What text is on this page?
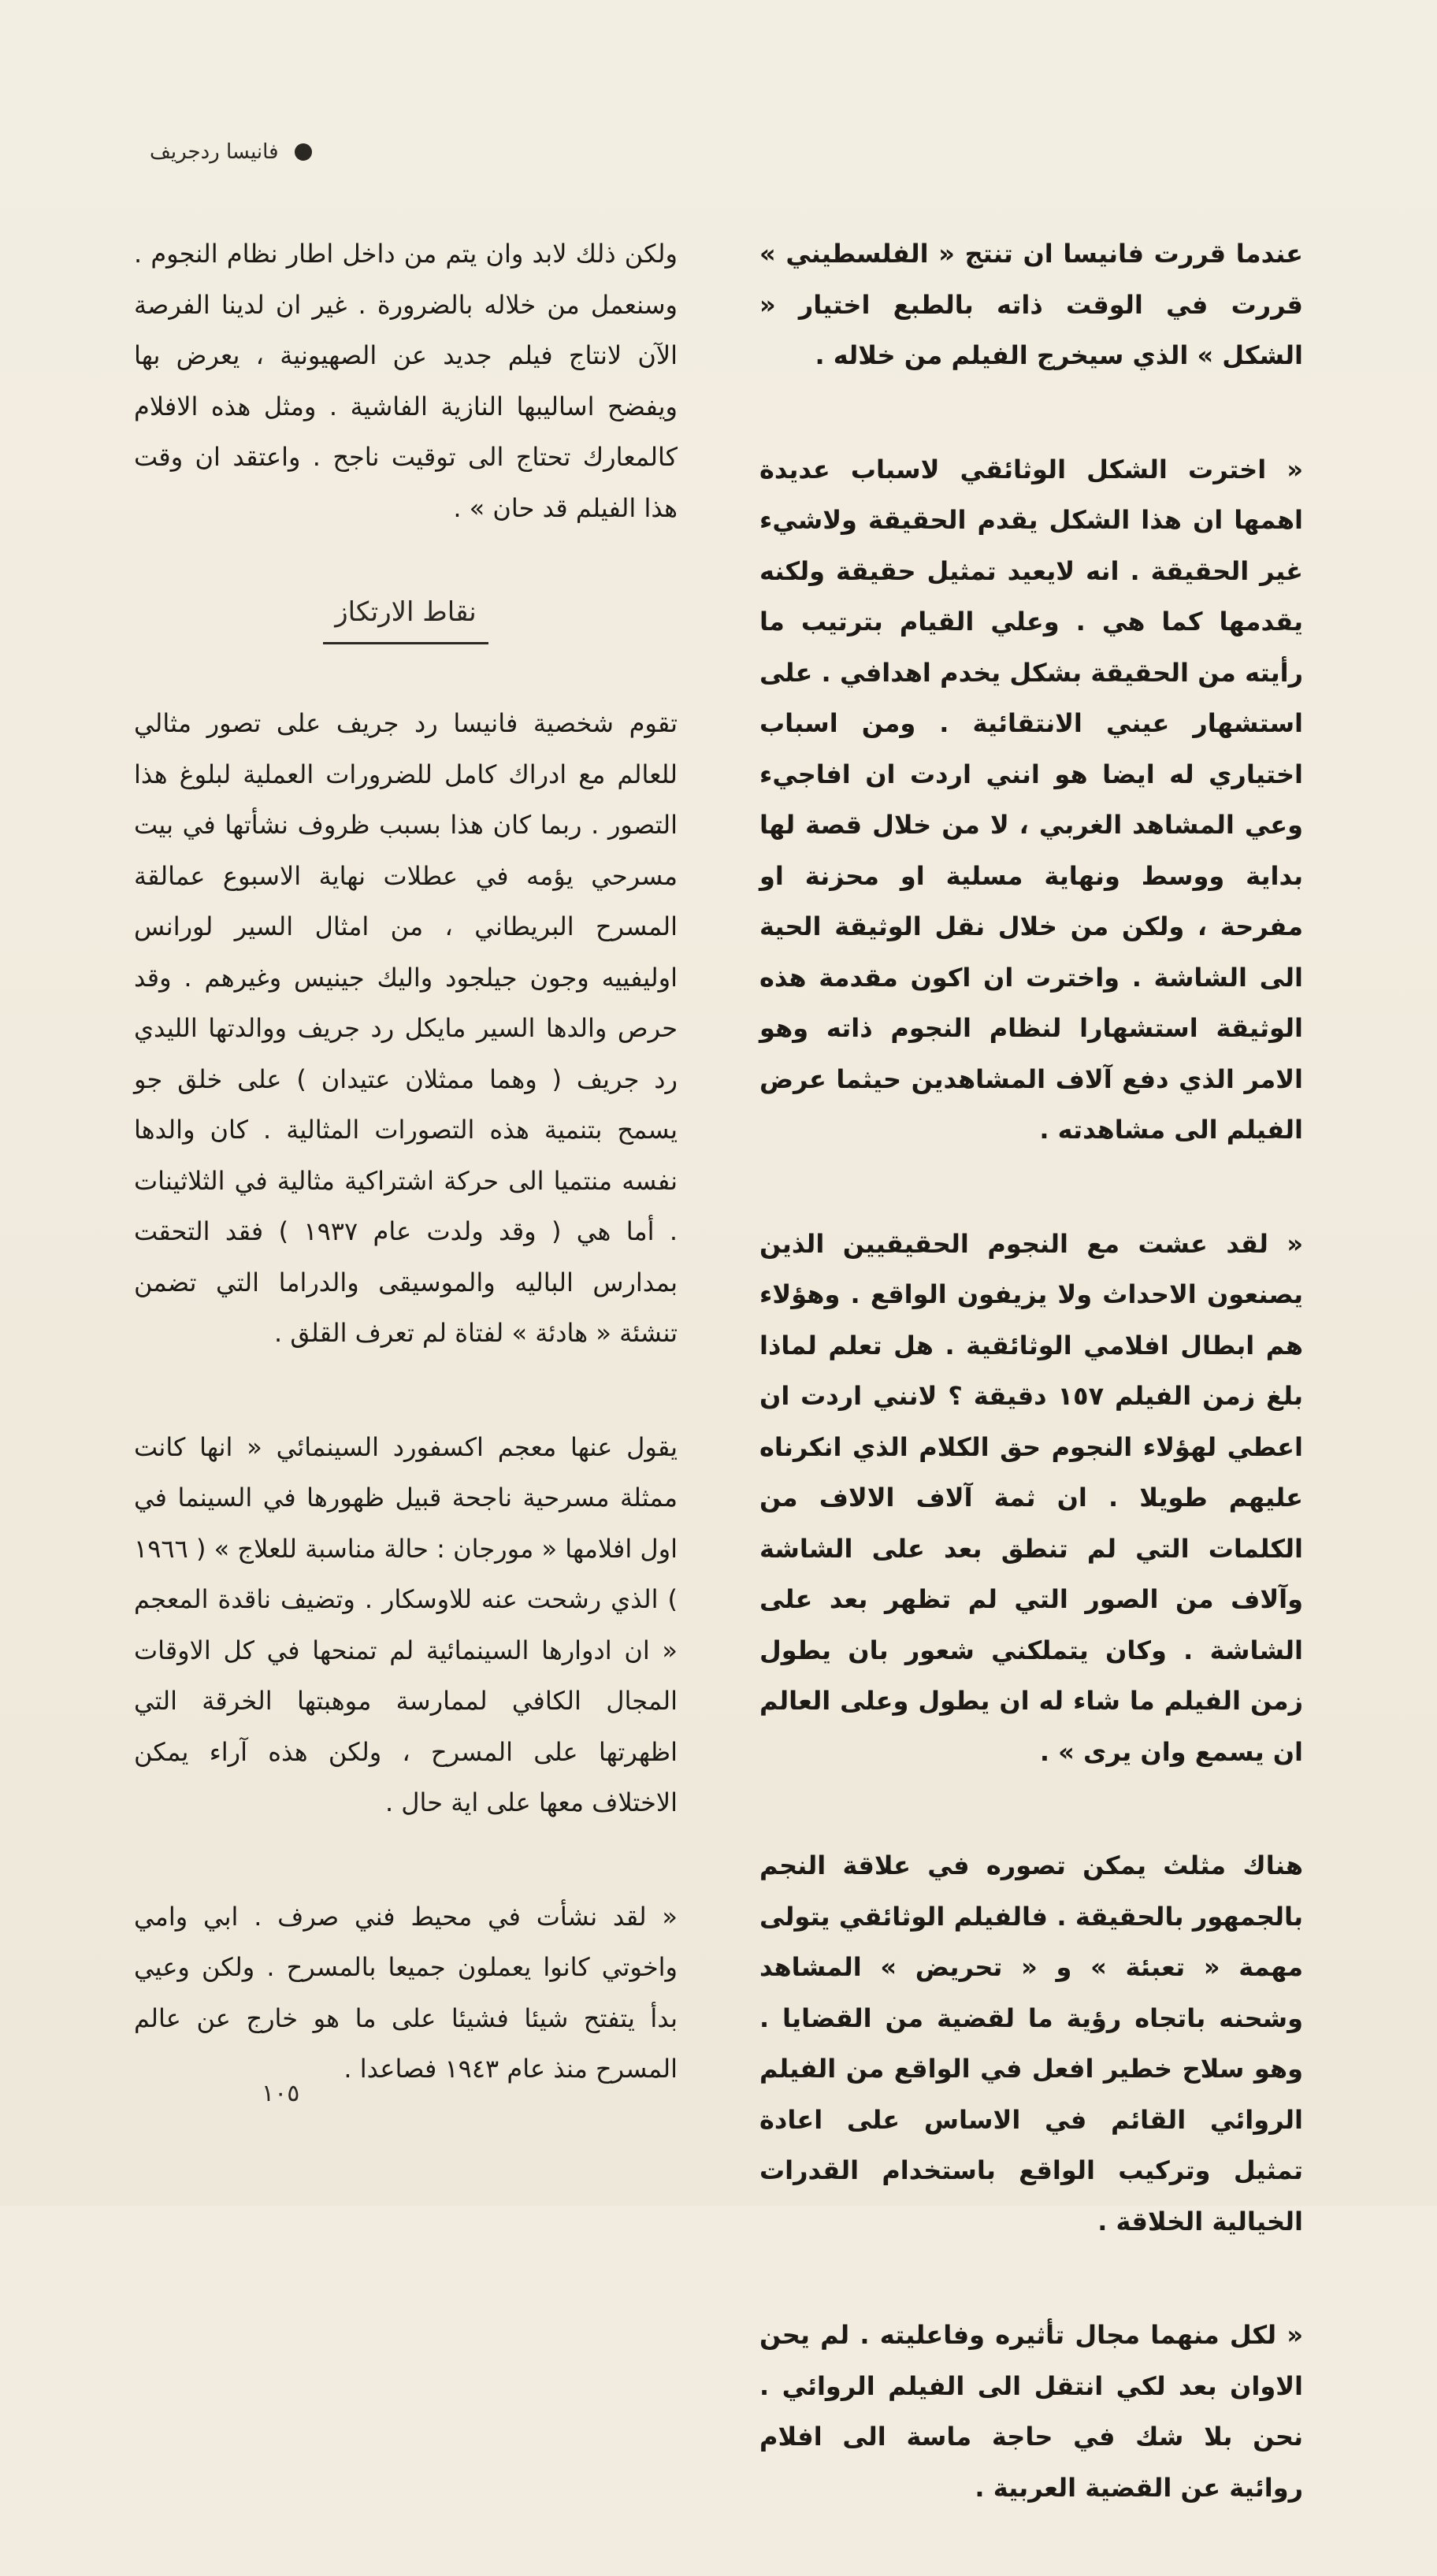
فانيسا ردجريف

عندما قررت فانيسا ان تنتج « الفلسطيني » قررت في الوقت ذاته بالطبع اختيار « الشكل » الذي سيخرج الفيلم من خلاله .

« اخترت الشكل الوثائقي لاسباب عديدة اهمها ان هذا الشكل يقدم الحقيقة ولاشيء غير الحقيقة . انه لايعيد تمثيل حقيقة ولكنه يقدمها كما هي . وعلي القيام بترتيب ما رأيته من الحقيقة بشكل يخدم اهدافي . على استشهار عيني الانتقائية . ومن اسباب اختياري له ايضا هو انني اردت ان افاجيء وعي المشاهد الغربي ، لا من خلال قصة لها بداية ووسط ونهاية مسلية او محزنة او مفرحة ، ولكن من خلال نقل الوثيقة الحية الى الشاشة . واخترت ان اكون مقدمة هذه الوثيقة استشهارا لنظام النجوم ذاته وهو الامر الذي دفع آلاف المشاهدين حيثما عرض الفيلم الى مشاهدته .

« لقد عشت مع النجوم الحقيقيين الذين يصنعون الاحداث ولا يزيفون الواقع . وهؤلاء هم ابطال افلامي الوثائقية . هل تعلم لماذا بلغ زمن الفيلم ١٥٧ دقيقة ؟ لانني اردت ان اعطي لهؤلاء النجوم حق الكلام الذي انكرناه عليهم طويلا . ان ثمة آلاف الالاف من الكلمات التي لم تنطق بعد على الشاشة وآلاف من الصور التي لم تظهر بعد على الشاشة . وكان يتملكني شعور بان يطول زمن الفيلم ما شاء له ان يطول وعلى العالم ان يسمع وان يرى » .

هناك مثلث يمكن تصوره في علاقة النجم بالجمهور بالحقيقة . فالفيلم الوثائقي يتولى مهمة « تعبئة » و « تحريض » المشاهد وشحنه باتجاه رؤية ما لقضية من القضايا . وهو سلاح خطير افعل في الواقع من الفيلم الروائي القائم في الاساس على اعادة تمثيل وتركيب الواقع باستخدام القدرات الخيالية الخلاقة .

« لكل منهما مجال تأثيره وفاعليته . لم يحن الاوان بعد لكي انتقل الى الفيلم الروائي . نحن بلا شك في حاجة ماسة الى افلام روائية عن القضية العربية .

ولكن ذلك لابد وان يتم من داخل اطار نظام النجوم . وسنعمل من خلاله بالضرورة . غير ان لدينا الفرصة الآن لانتاج فيلم جديد عن الصهيونية ، يعرض بها ويفضح اساليبها النازية الفاشية . ومثل هذه الافلام كالمعارك تحتاج الى توقيت ناجح . واعتقد ان وقت هذا الفيلم قد حان » .

نقاط الارتكاز

تقوم شخصية فانيسا رد جريف على تصور مثالي للعالم مع ادراك كامل للضرورات العملية لبلوغ هذا التصور . ربما كان هذا بسبب ظروف نشأتها في بيت مسرحي يؤمه في عطلات نهاية الاسبوع عمالقة المسرح البريطاني ، من امثال السير لورانس اوليفييه وجون جيلجود واليك جينيس وغيرهم . وقد حرص والدها السير مايكل رد جريف ووالدتها الليدي رد جريف ( وهما ممثلان عتيدان ) على خلق جو يسمح بتنمية هذه التصورات المثالية . كان والدها نفسه منتميا الى حركة اشتراكية مثالية في الثلاثينات . أما هي ( وقد ولدت عام ١٩٣٧ ) فقد التحقت بمدارس الباليه والموسيقى والدراما التي تضمن تنشئة « هادئة » لفتاة لم تعرف القلق .

يقول عنها معجم اكسفورد السينمائي « انها كانت ممثلة مسرحية ناجحة قبيل ظهورها في السينما في اول افلامها « مورجان : حالة مناسبة للعلاج » ( ١٩٦٦ ) الذي رشحت عنه للاوسكار . وتضيف ناقدة المعجم « ان ادوارها السينمائية لم تمنحها في كل الاوقات المجال الكافي لممارسة موهبتها الخرقة التي اظهرتها على المسرح ، ولكن هذه آراء يمكن الاختلاف معها على اية حال .

« لقد نشأت في محيط فني صرف . ابي وامي واخوتي كانوا يعملون جميعا بالمسرح . ولكن وعيي بدأ يتفتح شيئا فشيئا على ما هو خارج عن عالم المسرح منذ عام ١٩٤٣ فصاعدا .

١٠٥
